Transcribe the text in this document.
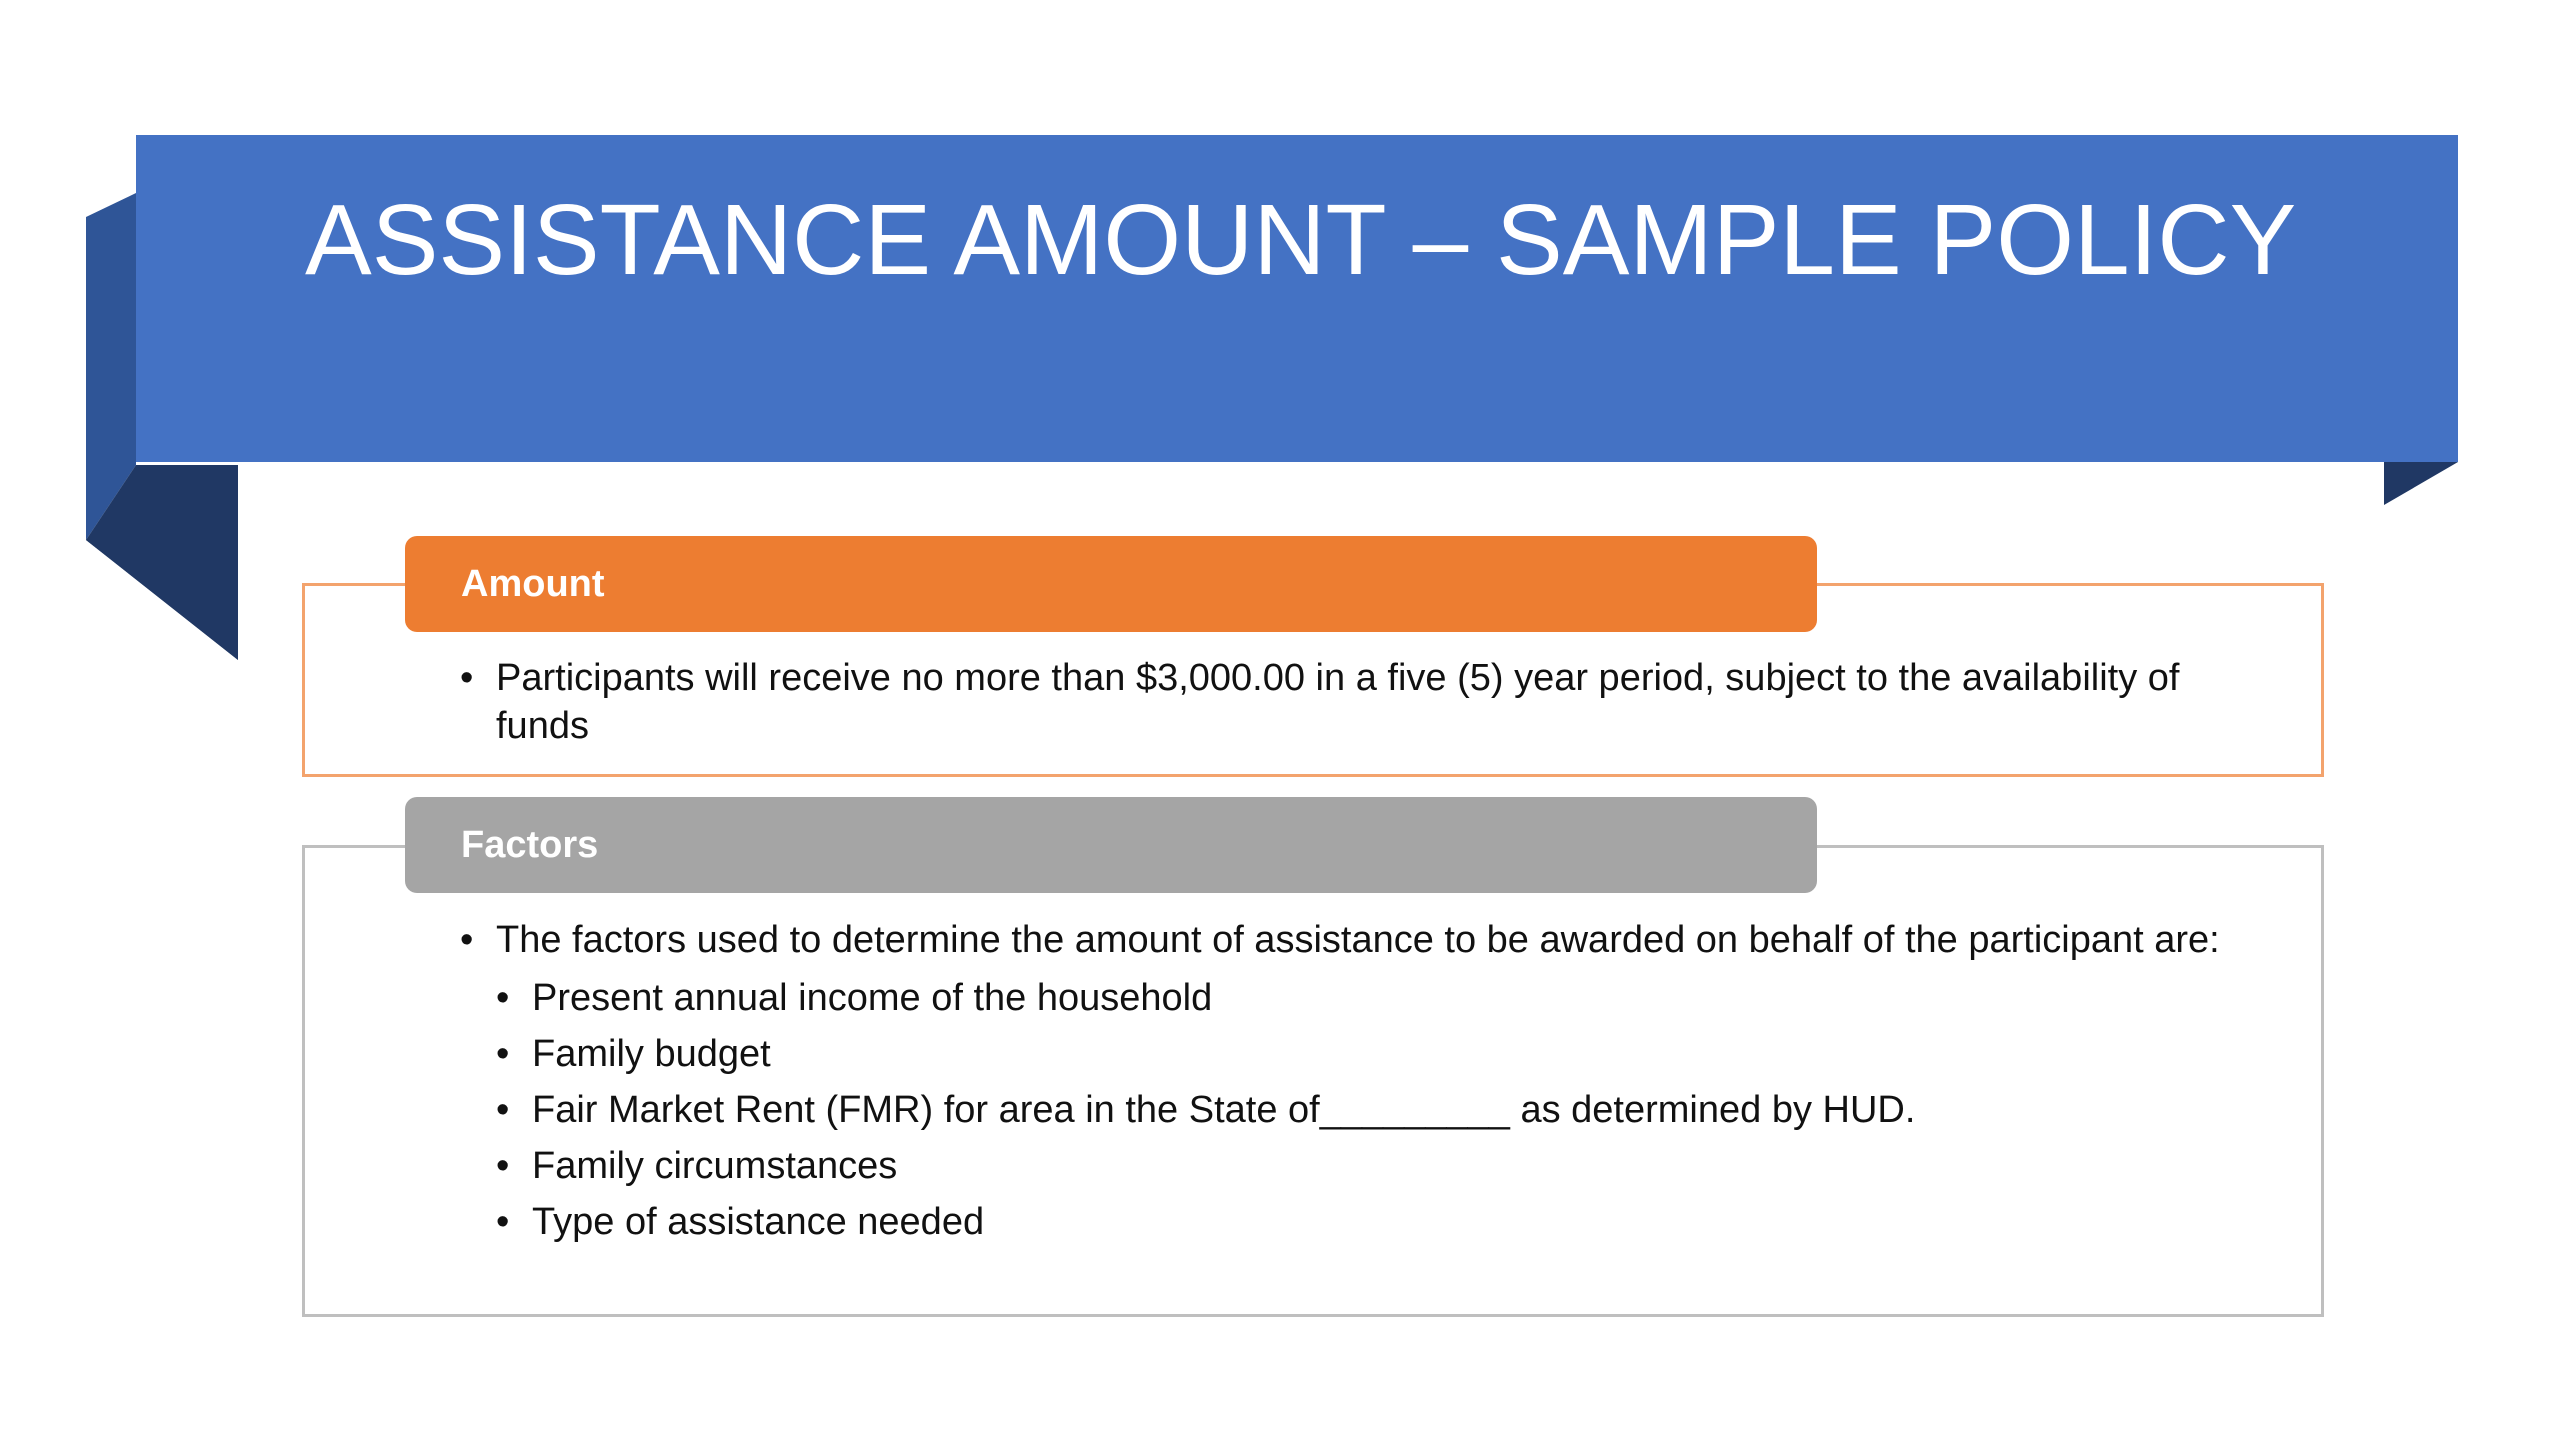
ASSISTANCE AMOUNT – SAMPLE POLICY
Amount
• Participants will receive no more than $3,000.00 in a five (5) year period, subject to the availability of funds
Factors
• The factors used to determine the amount of assistance to be awarded on behalf of the participant are:
• Present annual income of the household
• Family budget
• Fair Market Rent (FMR) for area in the State of_________ as determined by HUD.
• Family circumstances
• Type of assistance needed
